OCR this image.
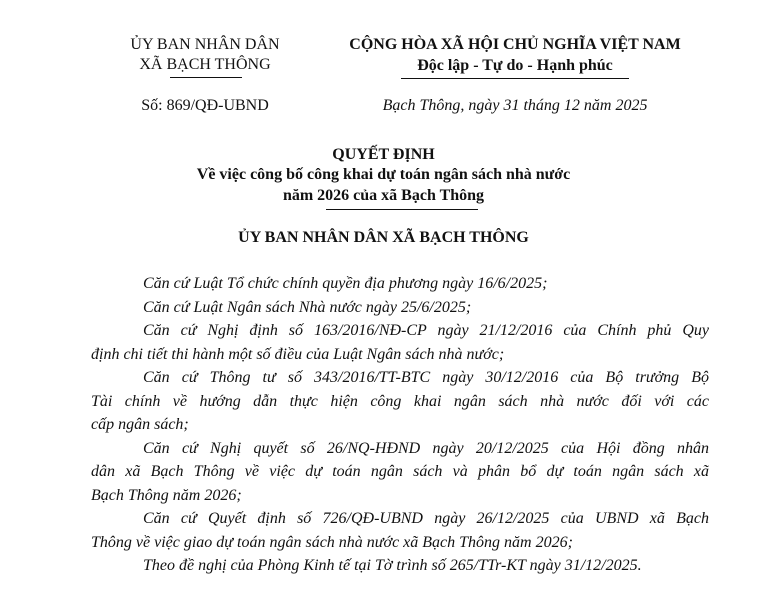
ỦY BAN NHÂN DÂN
XÃ BẠCH THÔNG
Số: 869/QĐ-UBND
CỘNG HÒA XÃ HỘI CHỦ NGHĨA VIỆT NAM
Độc lập - Tự do - Hạnh phúc
Bạch Thông, ngày 31 tháng 12 năm 2025
QUYẾT ĐỊNH
Về việc công bố công khai dự toán ngân sách nhà nước
năm 2026 của xã Bạch Thông
ỦY BAN NHÂN DÂN XÃ BẠCH THÔNG
Căn cứ Luật Tổ chức chính quyền địa phương ngày 16/6/2025;
Căn cứ Luật Ngân sách Nhà nước ngày 25/6/2025;
Căn cứ Nghị định số 163/2016/NĐ-CP ngày 21/12/2016 của Chính phủ Quy
định chi tiết thi hành một số điều của Luật Ngân sách nhà nước;
Căn cứ Thông tư số 343/2016/TT-BTC ngày 30/12/2016 của Bộ trưởng Bộ
Tài chính về hướng dẫn thực hiện công khai ngân sách nhà nước đối với các
cấp ngân sách;
Căn cứ Nghị quyết số 26/NQ-HĐND ngày 20/12/2025 của Hội đồng nhân
dân xã Bạch Thông về việc dự toán ngân sách và phân bổ dự toán ngân sách xã
Bạch Thông năm 2026;
Căn cứ Quyết định số 726/QĐ-UBND ngày 26/12/2025 của UBND xã Bạch
Thông về việc giao dự toán ngân sách nhà nước xã Bạch Thông năm 2026;
Theo đề nghị của Phòng Kinh tế tại Tờ trình số 265/TTr-KT ngày 31/12/2025.
